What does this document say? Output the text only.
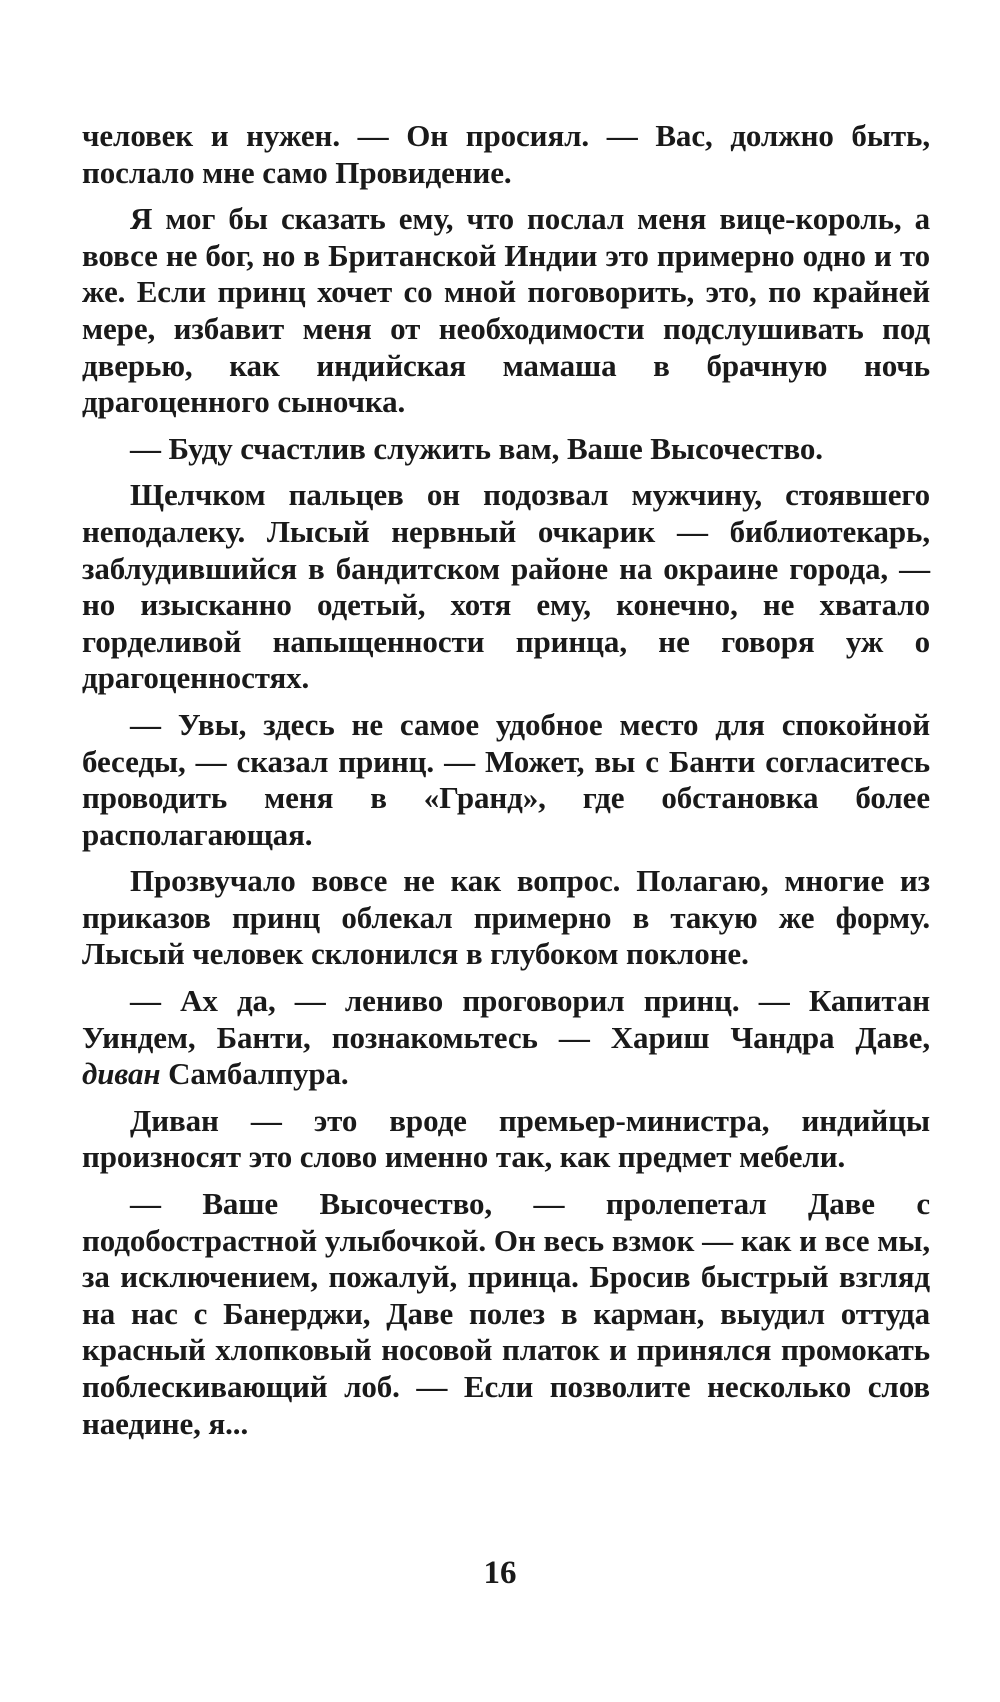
человек и нужен. — Он просиял. — Вас, должно быть, послало мне само Провидение.

Я мог бы сказать ему, что послал меня вице-король, а вовсе не бог, но в Британской Индии это примерно одно и то же. Если принц хочет со мной поговорить, это, по крайней мере, избавит меня от необходимости подслушивать под дверью, как индийская мамаша в брачную ночь драгоценного сыночка.

— Буду счастлив служить вам, Ваше Высочество.

Щелчком пальцев он подозвал мужчину, стоявшего неподалеку. Лысый нервный очкарик — библиотекарь, заблудившийся в бандитском районе на окраине города, — но изысканно одетый, хотя ему, конечно, не хватало горделивой напыщенности принца, не говоря уж о драгоценностях.

— Увы, здесь не самое удобное место для спокойной беседы, — сказал принц. — Может, вы с Банти согласитесь проводить меня в «Гранд», где обстановка более располагающая.

Прозвучало вовсе не как вопрос. Полагаю, многие из приказов принц облекал примерно в такую же форму. Лысый человек склонился в глубоком поклоне.

— Ах да, — лениво проговорил принц. — Капитан Уиндем, Банти, познакомьтесь — Хариш Чандра Даве, диван Самбалпура.

Диван — это вроде премьер-министра, индийцы произносят это слово именно так, как предмет мебели.

— Ваше Высочество, — пролепетал Даве с подобострастной улыбочкой. Он весь взмок — как и все мы, за исключением, пожалуй, принца. Бросив быстрый взгляд на нас с Банерджи, Даве полез в карман, выудил оттуда красный хлопковый носовой платок и принялся промокать поблескивающий лоб. — Если позволите несколько слов наедине, я...

16
